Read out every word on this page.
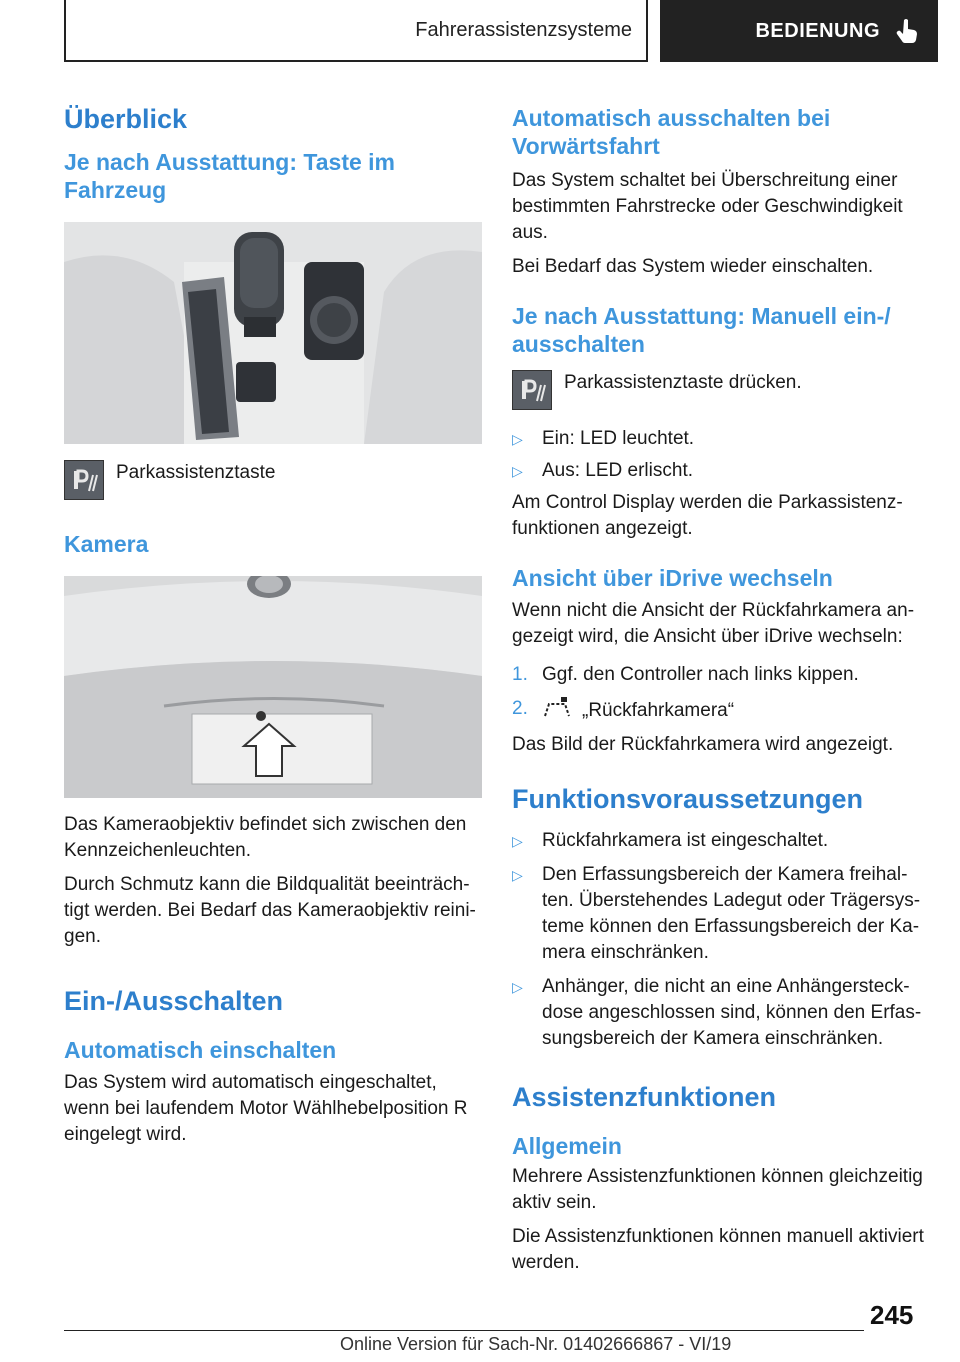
Fahrerassistenzsysteme	BEDIENUNG
Überblick
Je nach Ausstattung: Taste im Fahrzeug
Parkassistenztaste
Kamera

Das Kameraobjektiv befindet sich zwischen den Kennzeichenleuchten.

Durch Schmutz kann die Bildqualität beeinträchtigt werden. Bei Bedarf das Kameraobjektiv reinigen.

Ein-/Ausschalten
Automatisch einschalten

Das System wird automatisch eingeschaltet, wenn bei laufendem Motor Wählhebelposition R eingelegt wird.

Automatisch ausschalten bei Vorwärtsfahrt

Das System schaltet bei Überschreitung einer bestimmten Fahrstrecke oder Geschwindigkeit aus.

Bei Bedarf das System wieder einschalten.

Je nach Ausstattung: Manuell ein-/ ausschalten
Parkassistenztaste drücken.
▷ Ein: LED leuchtet.
▷ Aus: LED erlischt.

Am Control Display werden die Parkassistenzfunktionen angezeigt.

Ansicht über iDrive wechseln

Wenn nicht die Ansicht der Rückfahrkamera angezeigt wird, die Ansicht über iDrive wechseln:

1. Ggf. den Controller nach links kippen.
2.	„Rückfahrkamera“

Das Bild der Rückfahrkamera wird angezeigt.

Funktionsvoraussetzungen
▷ Rückfahrkamera ist eingeschaltet.
▷ Den Erfassungsbereich der Kamera freihalten. Überstehendes Ladegut oder Trägersysteme können den Erfassungsbereich der Kamera einschränken.
▷ Anhänger, die nicht an eine Anhängersteckdose angeschlossen sind, können den Erfassungsbereich der Kamera einschränken.
Assistenzfunktionen
Allgemein

Mehrere Assistenzfunktionen können gleichzeitig aktiv sein.

Die Assistenzfunktionen können manuell aktiviert werden.

245
Online Version für Sach-Nr. 01402666867 - VI/19
